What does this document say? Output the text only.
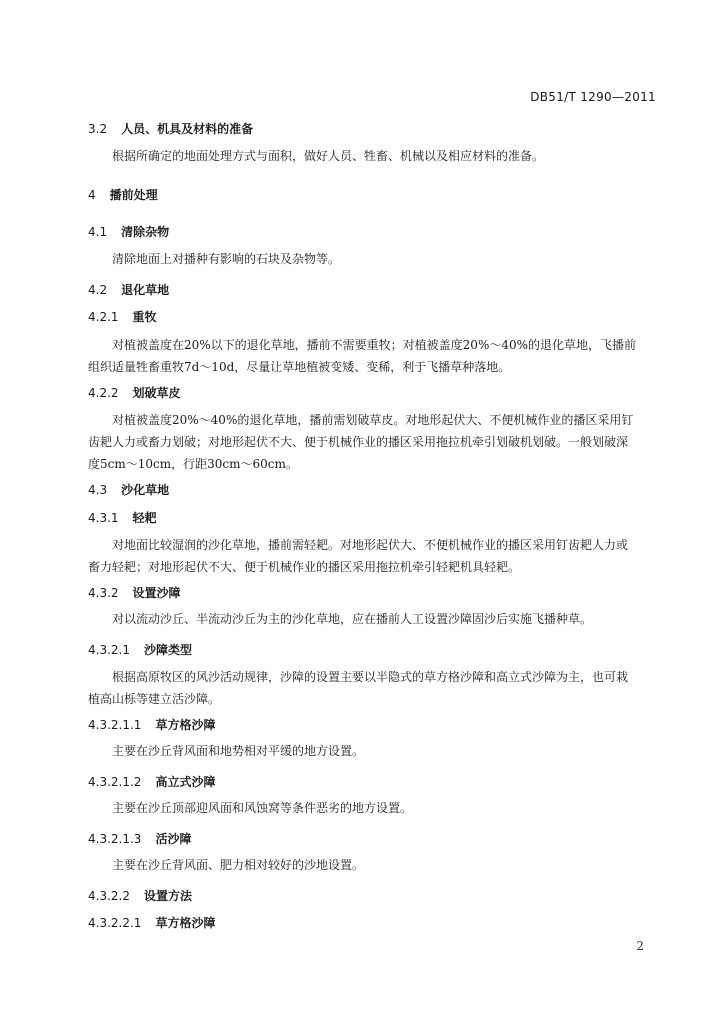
DB51/T 1290—2011
3.2 人员、机具及材料的准备
根据所确定的地面处理方式与面积，做好人员、牲畜、机械以及相应材料的准备。
4 播前处理
4.1 清除杂物
清除地面上对播种有影响的石块及杂物等。
4.2 退化草地
4.2.1 重牧
对植被盖度在20%以下的退化草地，播前不需要重牧；对植被盖度20%～40%的退化草地，飞播前
组织适量牲畜重牧7d～10d，尽量让草地植被变矮、变稀，利于飞播草种落地。
4.2.2 划破草皮
对植被盖度20%～40%的退化草地，播前需划破草皮。对地形起伏大、不便机械作业的播区采用钉
齿耙人力或畜力划破；对地形起伏不大、便于机械作业的播区采用拖拉机牵引划破机划破。一般划破深
度5cm～10cm，行距30cm～60cm。
4.3 沙化草地
4.3.1 轻耙
对地面比较湿润的沙化草地，播前需轻耙。对地形起伏大、不便机械作业的播区采用钉齿耙人力或
畜力轻耙；对地形起伏不大、便于机械作业的播区采用拖拉机牵引轻耙机具轻耙。
4.3.2 设置沙障
对以流动沙丘、半流动沙丘为主的沙化草地，应在播前人工设置沙障固沙后实施飞播种草。
4.3.2.1 沙障类型
根据高原牧区的风沙活动规律，沙障的设置主要以半隐式的草方格沙障和高立式沙障为主，也可栽
植高山栎等建立活沙障。
4.3.2.1.1 草方格沙障
主要在沙丘背风面和地势相对平缓的地方设置。
4.3.2.1.2 高立式沙障
主要在沙丘顶部迎风面和风蚀窝等条件恶劣的地方设置。
4.3.2.1.3 活沙障
主要在沙丘背风面、肥力相对较好的沙地设置。
4.3.2.2 设置方法
4.3.2.2.1 草方格沙障
2
